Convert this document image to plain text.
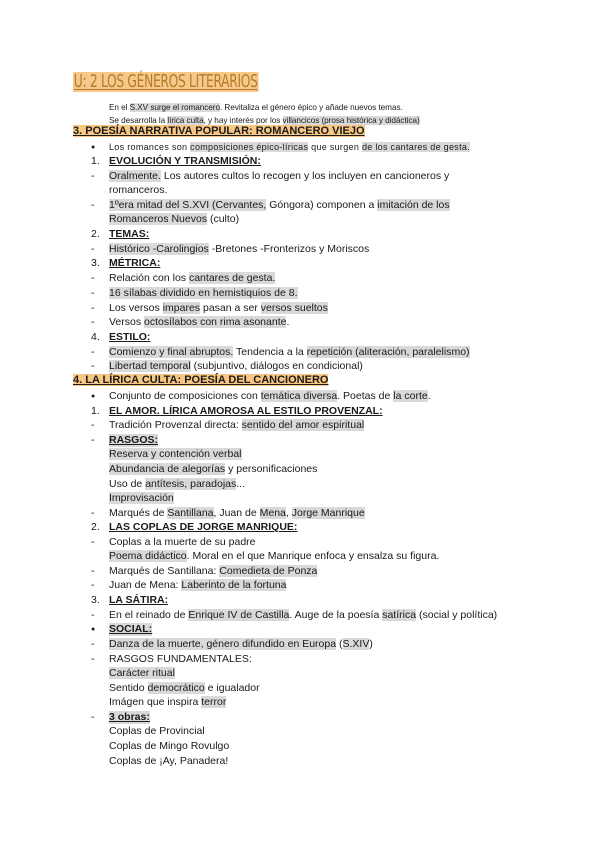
U: 2 LOS GÉNEROS LITERARIOS
En el S.XV surge el romancero. Revitaliza el género épico y añade nuevos temas.
Se desarrolla la lírica culta, y hay interés por los villancicos (prosa histórica y didáctica)
3. POESÍA NARRATIVA POPULAR: ROMANCERO VIEJO
● Los romances son composiciones épico-líricas que surgen de los cantares de gesta.
1. EVOLUCIÓN Y TRANSMISIÓN:
- Oralmente. Los autores cultos lo recogen y los incluyen en cancioneros y
romanceros.
- 1ºera mitad del S.XVI (Cervantes, Góngora) componen a imitación de los
Romanceros Nuevos (culto)
2. TEMAS:
- Histórico -Carolingios -Bretones -Fronterizos y Moriscos
3. MÉTRICA:
- Relación con los cantares de gesta.
- 16 sílabas dividido en hemistiquios de 8.
- Los versos impares pasan a ser versos sueltos
- Versos octosílabos con rima asonante.
4. ESTILO:
- Comienzo y final abruptos. Tendencia a la repetición (aliteración, paralelismo)
- Libertad temporal (subjuntivo, diálogos en condicional)
4. LA LÍRICA CULTA: POESÍA DEL CANCIONERO
● Conjunto de composiciones con temática diversa. Poetas de la corte.
1. EL AMOR. LÍRICA AMOROSA AL ESTILO PROVENZAL:
- Tradición Provenzal directa: sentido del amor espiritual
- RASGOS:
Reserva y contención verbal
Abundancia de alegorías y personificaciones
Uso de antítesis, paradojas...
Improvisación
- Marqués de Santillana, Juan de Mena, Jorge Manrique
2. LAS COPLAS DE JORGE MANRIQUE:
- Coplas a la muerte de su padre
Poema didáctico. Moral en el que Manrique enfoca y ensalza su figura.
- Marqués de Santillana: Comedieta de Ponza
- Juan de Mena: Laberinto de la fortuna
3. LA SÁTIRA:
- En el reinado de Enrique IV de Castilla. Auge de la poesía satírica (social y política)
● SOCIAL:
- Danza de la muerte, género difundido en Europa (S.XIV)
- RASGOS FUNDAMENTALES:
Carácter ritual
Sentido democrático e igualador
Imágen que inspira terror
- 3 obras:
Coplas de Provincial
Coplas de Mingo Rovulgo
Coplas de ¡Ay, Panadera!
